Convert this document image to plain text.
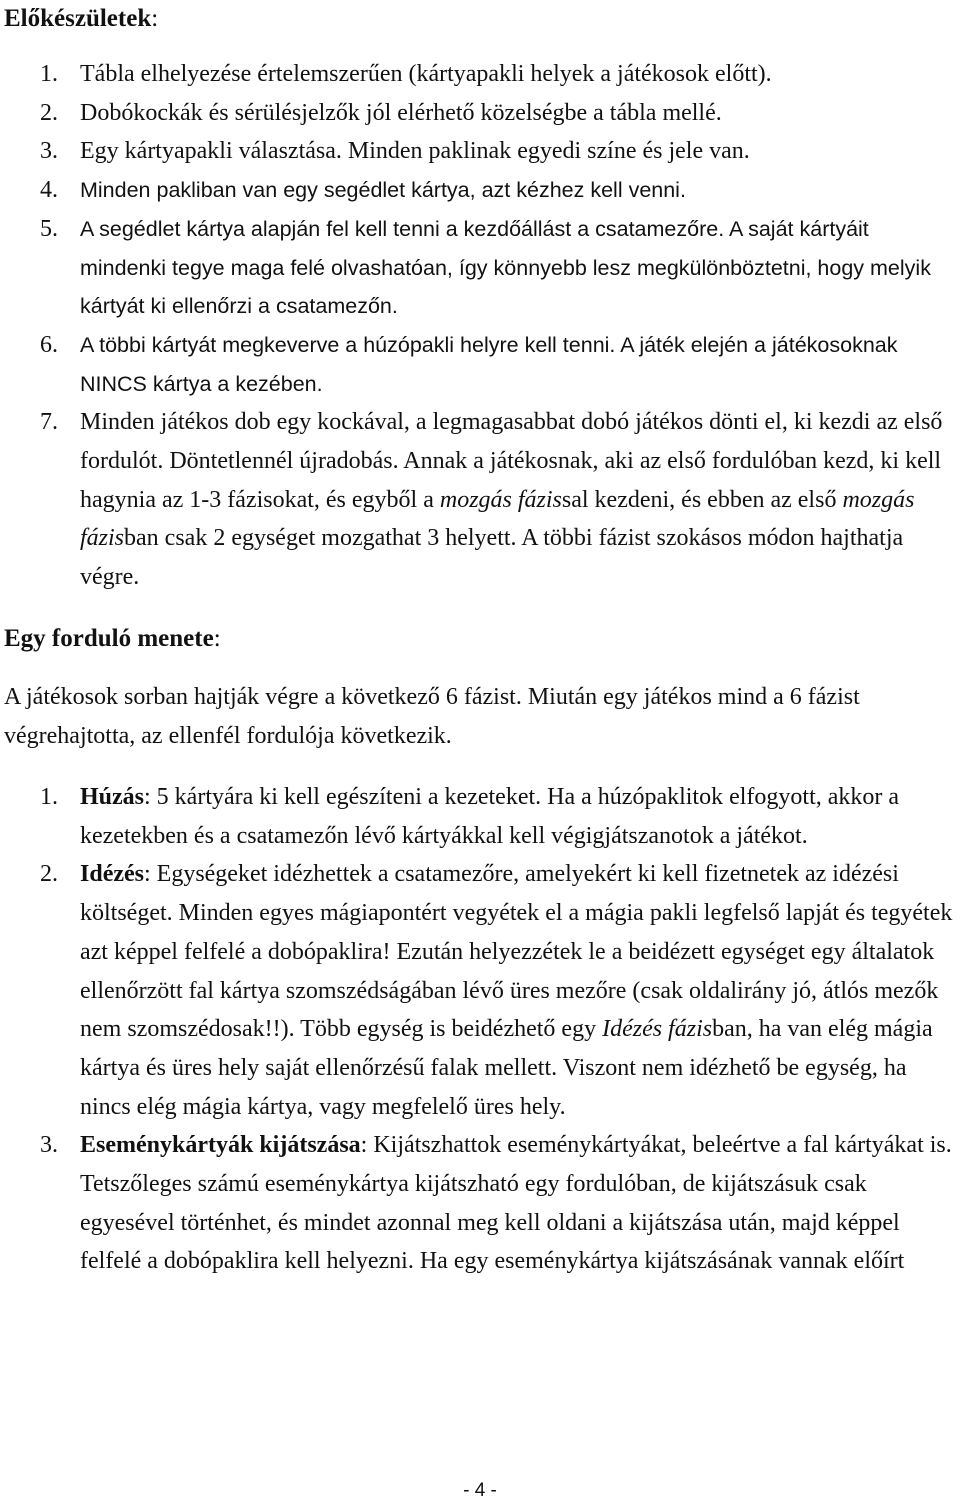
Előkészületek:
1. Tábla elhelyezése értelemszerűen (kártyapakli helyek a játékosok előtt).
2. Dobókockák és sérülésjelzők jól elérhető közelségbe a tábla mellé.
3. Egy kártyapakli választása. Minden paklinak egyedi színe és jele van.
4. Minden pakliban van egy segédlet kártya, azt kézhez kell venni.
5. A segédlet kártya alapján fel kell tenni a kezdőállást a csatamezőre. A saját kártyáit mindenki tegye maga felé olvashatóan, így könnyebb lesz megkülönböztetni, hogy melyik kártyát ki ellenőrzi a csatamezőn.
6. A többi kártyát megkeverve a húzópakli helyre kell tenni. A játék elején a játékosoknak NINCS kártya a kezében.
7. Minden játékos dob egy kockával, a legmagasabbat dobó játékos dönti el, ki kezdi az első fordulót. Döntetlennél újradobás. Annak a játékosnak, aki az első fordulóban kezd, ki kell hagynia az 1-3 fázisokat, és egyből a mozgás fázissal kezdeni, és ebben az első mozgás fázisban csak 2 egységet mozgathat 3 helyett. A többi fázist szokásos módon hajthatja végre.
Egy forduló menete:

A játékosok sorban hajtják végre a következő 6 fázist. Miután egy játékos mind a 6 fázist végrehajtotta, az ellenfél fordulója következik.

1. Húzás: 5 kártyára ki kell egészíteni a kezeteket. Ha a húzópaklitok elfogyott, akkor a kezetekben és a csatamezőn lévő kártyákkal kell végigjátszanotok a játékot.
2. Idézés: Egységeket idézhettek a csatamezőre, amelyekért ki kell fizetnetek az idézési költséget. Minden egyes mágiapontért vegyétek el a mágia pakli legfelső lapját és tegyétek azt képpel felfelé a dobópaklira! Ezután helyezzétek le a beidézett egységet egy általatok ellenőrzött fal kártya szomszédságában lévő üres mezőre (csak oldalirány jó, átlós mezők nem szomszédosak!!). Több egység is beidézhető egy Idézés fázisban, ha van elég mágia kártya és üres hely saját ellenőrzésű falak mellett. Viszont nem idézhető be egység, ha nincs elég mágia kártya, vagy megfelelő üres hely.
3. Eseménykártyák kijátszása: Kijátszhattok eseménykártyákat, beleértve a fal kártyákat is. Tetszőleges számú eseménykártya kijátszható egy fordulóban, de kijátszásuk csak egyesével történhet, és mindet azonnal meg kell oldani a kijátszása után, majd képpel felfelé a dobópaklira kell helyezni. Ha egy eseménykártya kijátszásának vannak előírt
- 4 -
